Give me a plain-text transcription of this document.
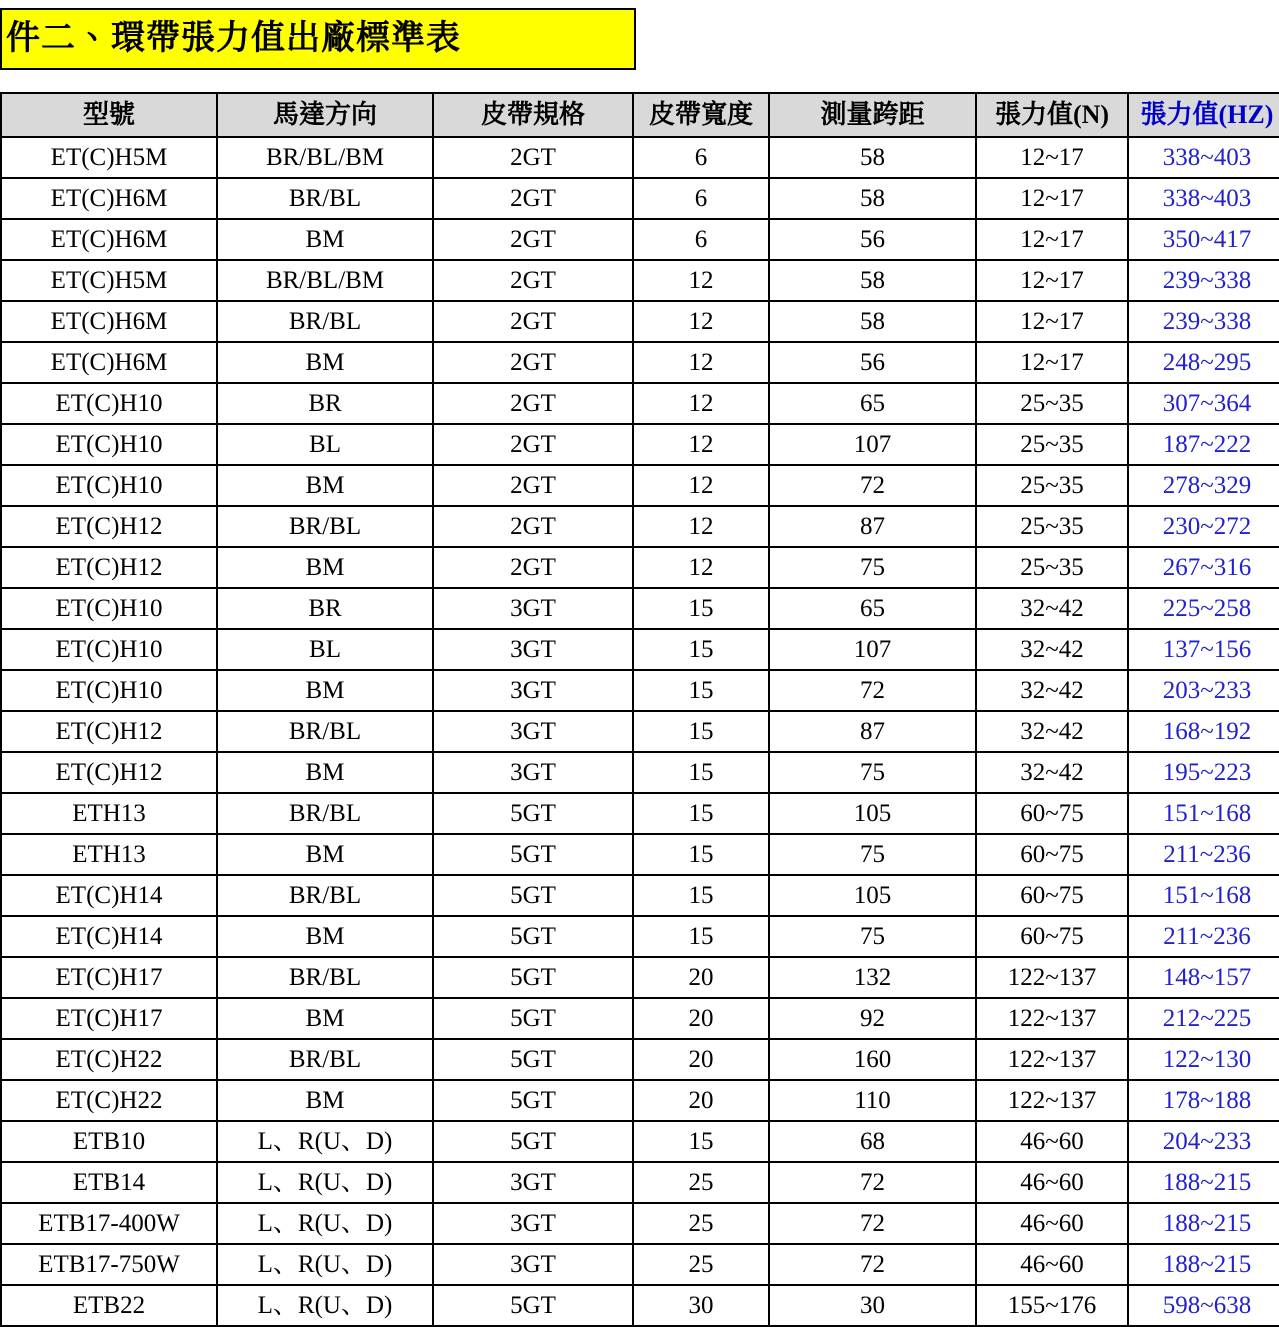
件二、環帶張力值出廠標準表
型號	馬達方向	皮帶規格	皮帶寬度	測量跨距	張力值(N)	張力值(HZ)
ET(C)H5M	BR/BL/BM	2GT	6	58	12~17	338~403
ET(C)H6M	BR/BL	2GT	6	58	12~17	338~403
ET(C)H6M	BM	2GT	6	56	12~17	350~417
ET(C)H5M	BR/BL/BM	2GT	12	58	12~17	239~338
ET(C)H6M	BR/BL	2GT	12	58	12~17	239~338
ET(C)H6M	BM	2GT	12	56	12~17	248~295
ET(C)H10	BR	2GT	12	65	25~35	307~364
ET(C)H10	BL	2GT	12	107	25~35	187~222
ET(C)H10	BM	2GT	12	72	25~35	278~329
ET(C)H12	BR/BL	2GT	12	87	25~35	230~272
ET(C)H12	BM	2GT	12	75	25~35	267~316
ET(C)H10	BR	3GT	15	65	32~42	225~258
ET(C)H10	BL	3GT	15	107	32~42	137~156
ET(C)H10	BM	3GT	15	72	32~42	203~233
ET(C)H12	BR/BL	3GT	15	87	32~42	168~192
ET(C)H12	BM	3GT	15	75	32~42	195~223
ETH13	BR/BL	5GT	15	105	60~75	151~168
ETH13	BM	5GT	15	75	60~75	211~236
ET(C)H14	BR/BL	5GT	15	105	60~75	151~168
ET(C)H14	BM	5GT	15	75	60~75	211~236
ET(C)H17	BR/BL	5GT	20	132	122~137	148~157
ET(C)H17	BM	5GT	20	92	122~137	212~225
ET(C)H22	BR/BL	5GT	20	160	122~137	122~130
ET(C)H22	BM	5GT	20	110	122~137	178~188
ETB10	L、R(U、D)	5GT	15	68	46~60	204~233
ETB14	L、R(U、D)	3GT	25	72	46~60	188~215
ETB17-400W	L、R(U、D)	3GT	25	72	46~60	188~215
ETB17-750W	L、R(U、D)	3GT	25	72	46~60	188~215
ETB22	L、R(U、D)	5GT	30	30	155~176	598~638
